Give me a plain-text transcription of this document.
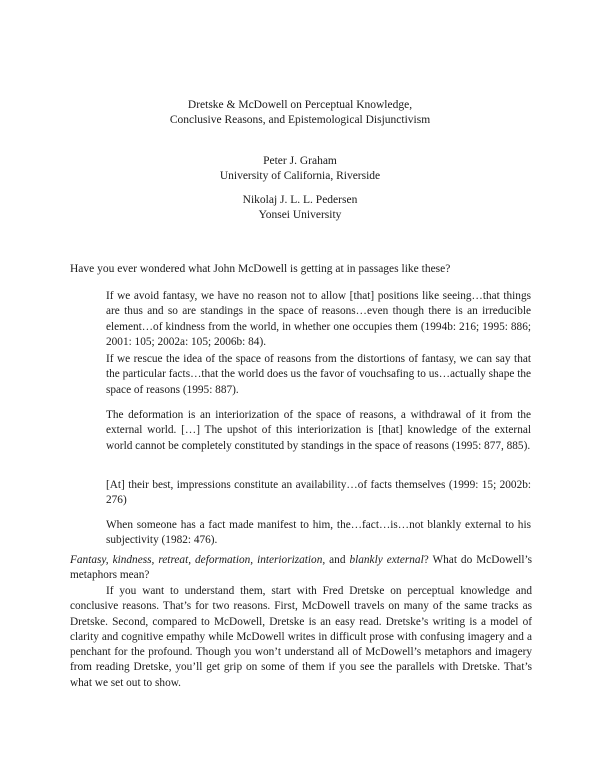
Dretske & McDowell on Perceptual Knowledge,
Conclusive Reasons, and Epistemological Disjunctivism
Peter J. Graham
University of California, Riverside
Nikolaj J. L. L. Pedersen
Yonsei University
Have you ever wondered what John McDowell is getting at in passages like these?
If we avoid fantasy, we have no reason not to allow [that] positions like seeing…that things are thus and so are standings in the space of reasons…even though there is an irreducible element…of kindness from the world, in whether one occupies them (1994b: 216; 1995: 886; 2001: 105; 2002a: 105; 2006b: 84).
If we rescue the idea of the space of reasons from the distortions of fantasy, we can say that the particular facts…that the world does us the favor of vouchsafing to us…actually shape the space of reasons (1995: 887).
The deformation is an interiorization of the space of reasons, a withdrawal of it from the external world. […] The upshot of this interiorization is [that] knowledge of the external world cannot be completely constituted by standings in the space of reasons (1995: 877, 885).
[At] their best, impressions constitute an availability…of facts themselves (1999: 15; 2002b: 276)
When someone has a fact made manifest to him, the…fact…is…not blankly external to his subjectivity (1982: 476).
Fantasy, kindness, retreat, deformation, interiorization, and blankly external? What do McDowell’s metaphors mean?
If you want to understand them, start with Fred Dretske on perceptual knowledge and conclusive reasons. That’s for two reasons. First, McDowell travels on many of the same tracks as Dretske. Second, compared to McDowell, Dretske is an easy read. Dretske’s writing is a model of clarity and cognitive empathy while McDowell writes in difficult prose with confusing imagery and a penchant for the profound. Though you won’t understand all of McDowell’s metaphors and imagery from reading Dretske, you’ll get grip on some of them if you see the parallels with Dretske. That’s what we set out to show.
